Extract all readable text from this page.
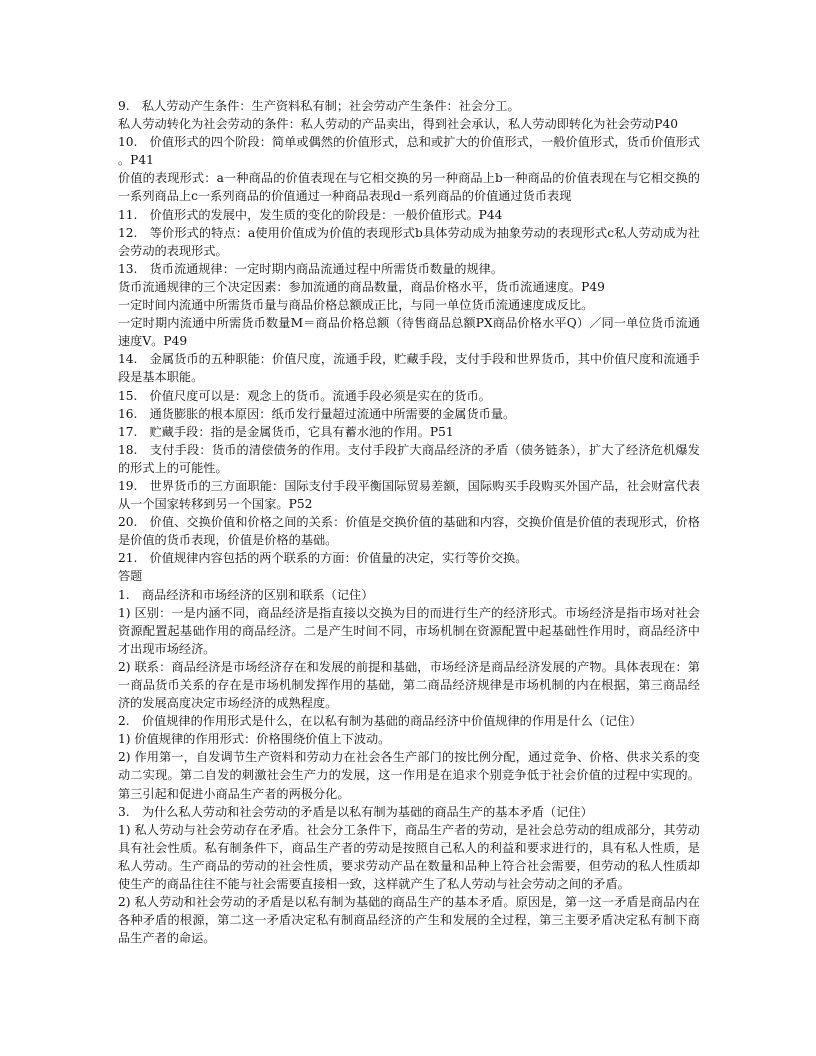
9.　私人劳动产生条件：生产资料私有制；社会劳动产生条件：社会分工。

私人劳动转化为社会劳动的条件：私人劳动的产品卖出，得到社会承认，私人劳动即转化为社会劳动P40

10.　价值形式的四个阶段：简单或偶然的价值形式，总和或扩大的价值形式，一般价值形式，货币价值形式。P41

价值的表现形式：a一种商品的价值表现在与它相交换的另一种商品上b一种商品的价值表现在与它相交换的一系列商品上c一系列商品的价值通过一种商品表现d一系列商品的价值通过货币表现

11.　价值形式的发展中，发生质的变化的阶段是：一般价值形式。P44

12.　等价形式的特点：a使用价值成为价值的表现形式b具体劳动成为抽象劳动的表现形式c私人劳动成为社会劳动的表现形式。

13.　货币流通规律：一定时期内商品流通过程中所需货币数量的规律。

货币流通规律的三个决定因素：参加流通的商品数量，商品价格水平，货币流通速度。P49

一定时间内流通中所需货币量与商品价格总额成正比，与同一单位货币流通速度成反比。

一定时期内流通中所需货币数量M＝商品价格总额（待售商品总额PX商品价格水平Q）／同一单位货币流通速度V。P49

14.　金属货币的五种职能：价值尺度，流通手段，贮藏手段，支付手段和世界货币，其中价值尺度和流通手段是基本职能。

15.　价值尺度可以是：观念上的货币。流通手段必须是实在的货币。

16.　通货膨胀的根本原因：纸币发行量超过流通中所需要的金属货币量。

17.　贮藏手段：指的是金属货币，它具有蓄水池的作用。P51

18.　支付手段：货币的清偿债务的作用。支付手段扩大商品经济的矛盾（债务链条），扩大了经济危机爆发的形式上的可能性。

19.　世界货币的三方面职能：国际支付手段平衡国际贸易差额，国际购买手段购买外国产品，社会财富代表从一个国家转移到另一个国家。P52

20.　价值、交换价值和价格之间的关系：价值是交换价值的基础和内容，交换价值是价值的表现形式，价格是价值的货币表现，价值是价格的基础。

21.　价值规律内容包括的两个联系的方面：价值量的决定，实行等价交换。

答题

1.　商品经济和市场经济的区别和联系（记住）

1) 区别：一是内涵不同，商品经济是指直接以交换为目的而进行生产的经济形式。市场经济是指市场对社会资源配置起基础作用的商品经济。二是产生时间不同，市场机制在资源配置中起基础性作用时，商品经济中才出现市场经济。

2) 联系：商品经济是市场经济存在和发展的前提和基础，市场经济是商品经济发展的产物。具体表现在：第一商品货币关系的存在是市场机制发挥作用的基础，第二商品经济规律是市场机制的内在根据，第三商品经济的发展高度决定市场经济的成熟程度。

2.　价值规律的作用形式是什么，在以私有制为基础的商品经济中价值规律的作用是什么（记住）

1) 价值规律的作用形式：价格围绕价值上下波动。

2) 作用第一，自发调节生产资料和劳动力在社会各生产部门的按比例分配，通过竞争、价格、供求关系的变动二实现。第二自发的刺激社会生产力的发展，这一作用是在追求个别竞争低于社会价值的过程中实现的。第三引起和促进小商品生产者的两极分化。

3.　为什么私人劳动和社会劳动的矛盾是以私有制为基础的商品生产的基本矛盾（记住）

1) 私人劳动与社会劳动存在矛盾。社会分工条件下，商品生产者的劳动，是社会总劳动的组成部分，其劳动具有社会性质。私有制条件下，商品生产者的劳动是按照自己私人的利益和要求进行的，具有私人性质，是私人劳动。生产商品的劳动的社会性质，要求劳动产品在数量和品种上符合社会需要，但劳动的私人性质却使生产的商品往往不能与社会需要直接相一致，这样就产生了私人劳动与社会劳动之间的矛盾。

2) 私人劳动和社会劳动的矛盾是以私有制为基础的商品生产的基本矛盾。原因是，第一这一矛盾是商品内在各种矛盾的根源，第二这一矛盾决定私有制商品经济的产生和发展的全过程，第三主要矛盾决定私有制下商品生产者的命运。
